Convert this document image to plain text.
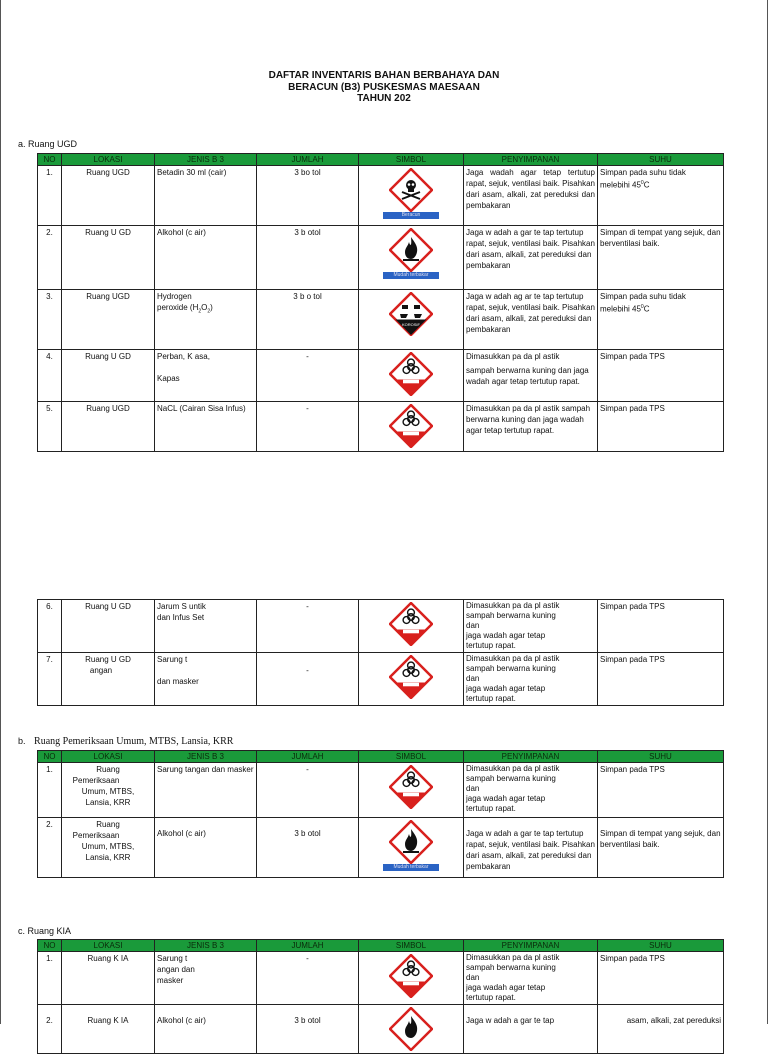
DAFTAR INVENTARIS BAHAN BERBAHAYA DAN
BERACUN (B3) PUSKESMAS MAESAAN
TAHUN 202
a. Ruang UGD
NO	LOKASI	JENIS B 3	JUMLAH	SIMBOL	PENYIMPANAN	SUHU
1.	Ruang UGD	Betadin 30 ml (cair)	3 bo tol	Beracun	Jaga wadah agar tetap tertutup rapat, sejuk, ventilasi baik. Pisahkan dari asam, alkali, zat pereduksi dan pembakaran	Simpan pada suhu tidak
melebihi $45^0C$
2.	Ruang U GD	Alkohol (c air)	3 b otol	Mudah terbakar	Jaga w adah a gar te tap tertutup rapat, sejuk, ventilasi baik. Pisahkan dari asam, alkali, zat pereduksi dan pembakaran	Simpan di tempat yang sejuk, dan berventilasi baik.
3.	Ruang UGD	Hydrogen
peroxide $(H_2O_2)$	3 b o tol	KOROSIF	Jaga w adah ag ar te tap tertutup rapat, sejuk, ventilasi baik. Pisahkan dari asam, alkali, zat pereduksi dan pembakaran	Simpan pada suhu tidak
melebihi $45^0C$
4.	Ruang U GD	Perban, K asa,

Kapas	-		Dimasukkan pa da pl astik

sampah berwarna kuning dan jaga wadah agar tetap tertutup rapat.	Simpan pada TPS
5.	Ruang UGD	NaCL (Cairan Sisa Infus)	-		Dimasukkan pa da pl astik sampah berwarna kuning dan jaga wadah agar tetap tertutup rapat.	Simpan pada TPS
6.	Ruang U GD	Jarum S untik
dan Infus Set	-		Dimasukkan pa da pl astik
sampah berwarna kuning
dan
jaga wadah agar tetap
tertutup rapat.	Simpan pada TPS
7.	Ruang U GD
angan	Sarung t

dan masker	-		Dimasukkan pa da pl astik
sampah berwarna kuning
dan
jaga wadah agar tetap
tertutup rapat.	Simpan pada TPS
b. Ruang Pemeriksaan Umum, MTBS, Lansia, KRR
NO	LOKASI	JENIS B 3	JUMLAH	SIMBOL	PENYIMPANAN	SUHU
1.	Ruang
Pemeriksaan
Umum, MTBS,
Lansia, KRR	Sarung tangan dan masker	-		Dimasukkan pa da pl astik
sampah berwarna kuning
dan
jaga wadah agar tetap
tertutup rapat.	Simpan pada TPS
2.	Ruang
Pemeriksaan
Umum, MTBS,
Lansia, KRR	Alkohol (c air)	3 b otol	Mudah terbakar	Jaga w adah a gar te tap tertutup rapat, sejuk, ventilasi baik. Pisahkan dari asam, alkali, zat pereduksi dan pembakaran	Simpan di tempat yang sejuk, dan berventilasi baik.
c. Ruang KIA
NO	LOKASI	JENIS B 3	JUMLAH	SIMBOL	PENYIMPANAN	SUHU
1.	Ruang K IA	Sarung t
angan dan
masker	-		Dimasukkan pa da pl astik
sampah berwarna kuning
dan
jaga wadah agar tetap
tertutup rapat.	Simpan pada TPS
2.	Ruang K IA	Alkohol (c air)	3 b otol		Jaga w adah a gar te tap	asam, alkali, zat pereduksi
